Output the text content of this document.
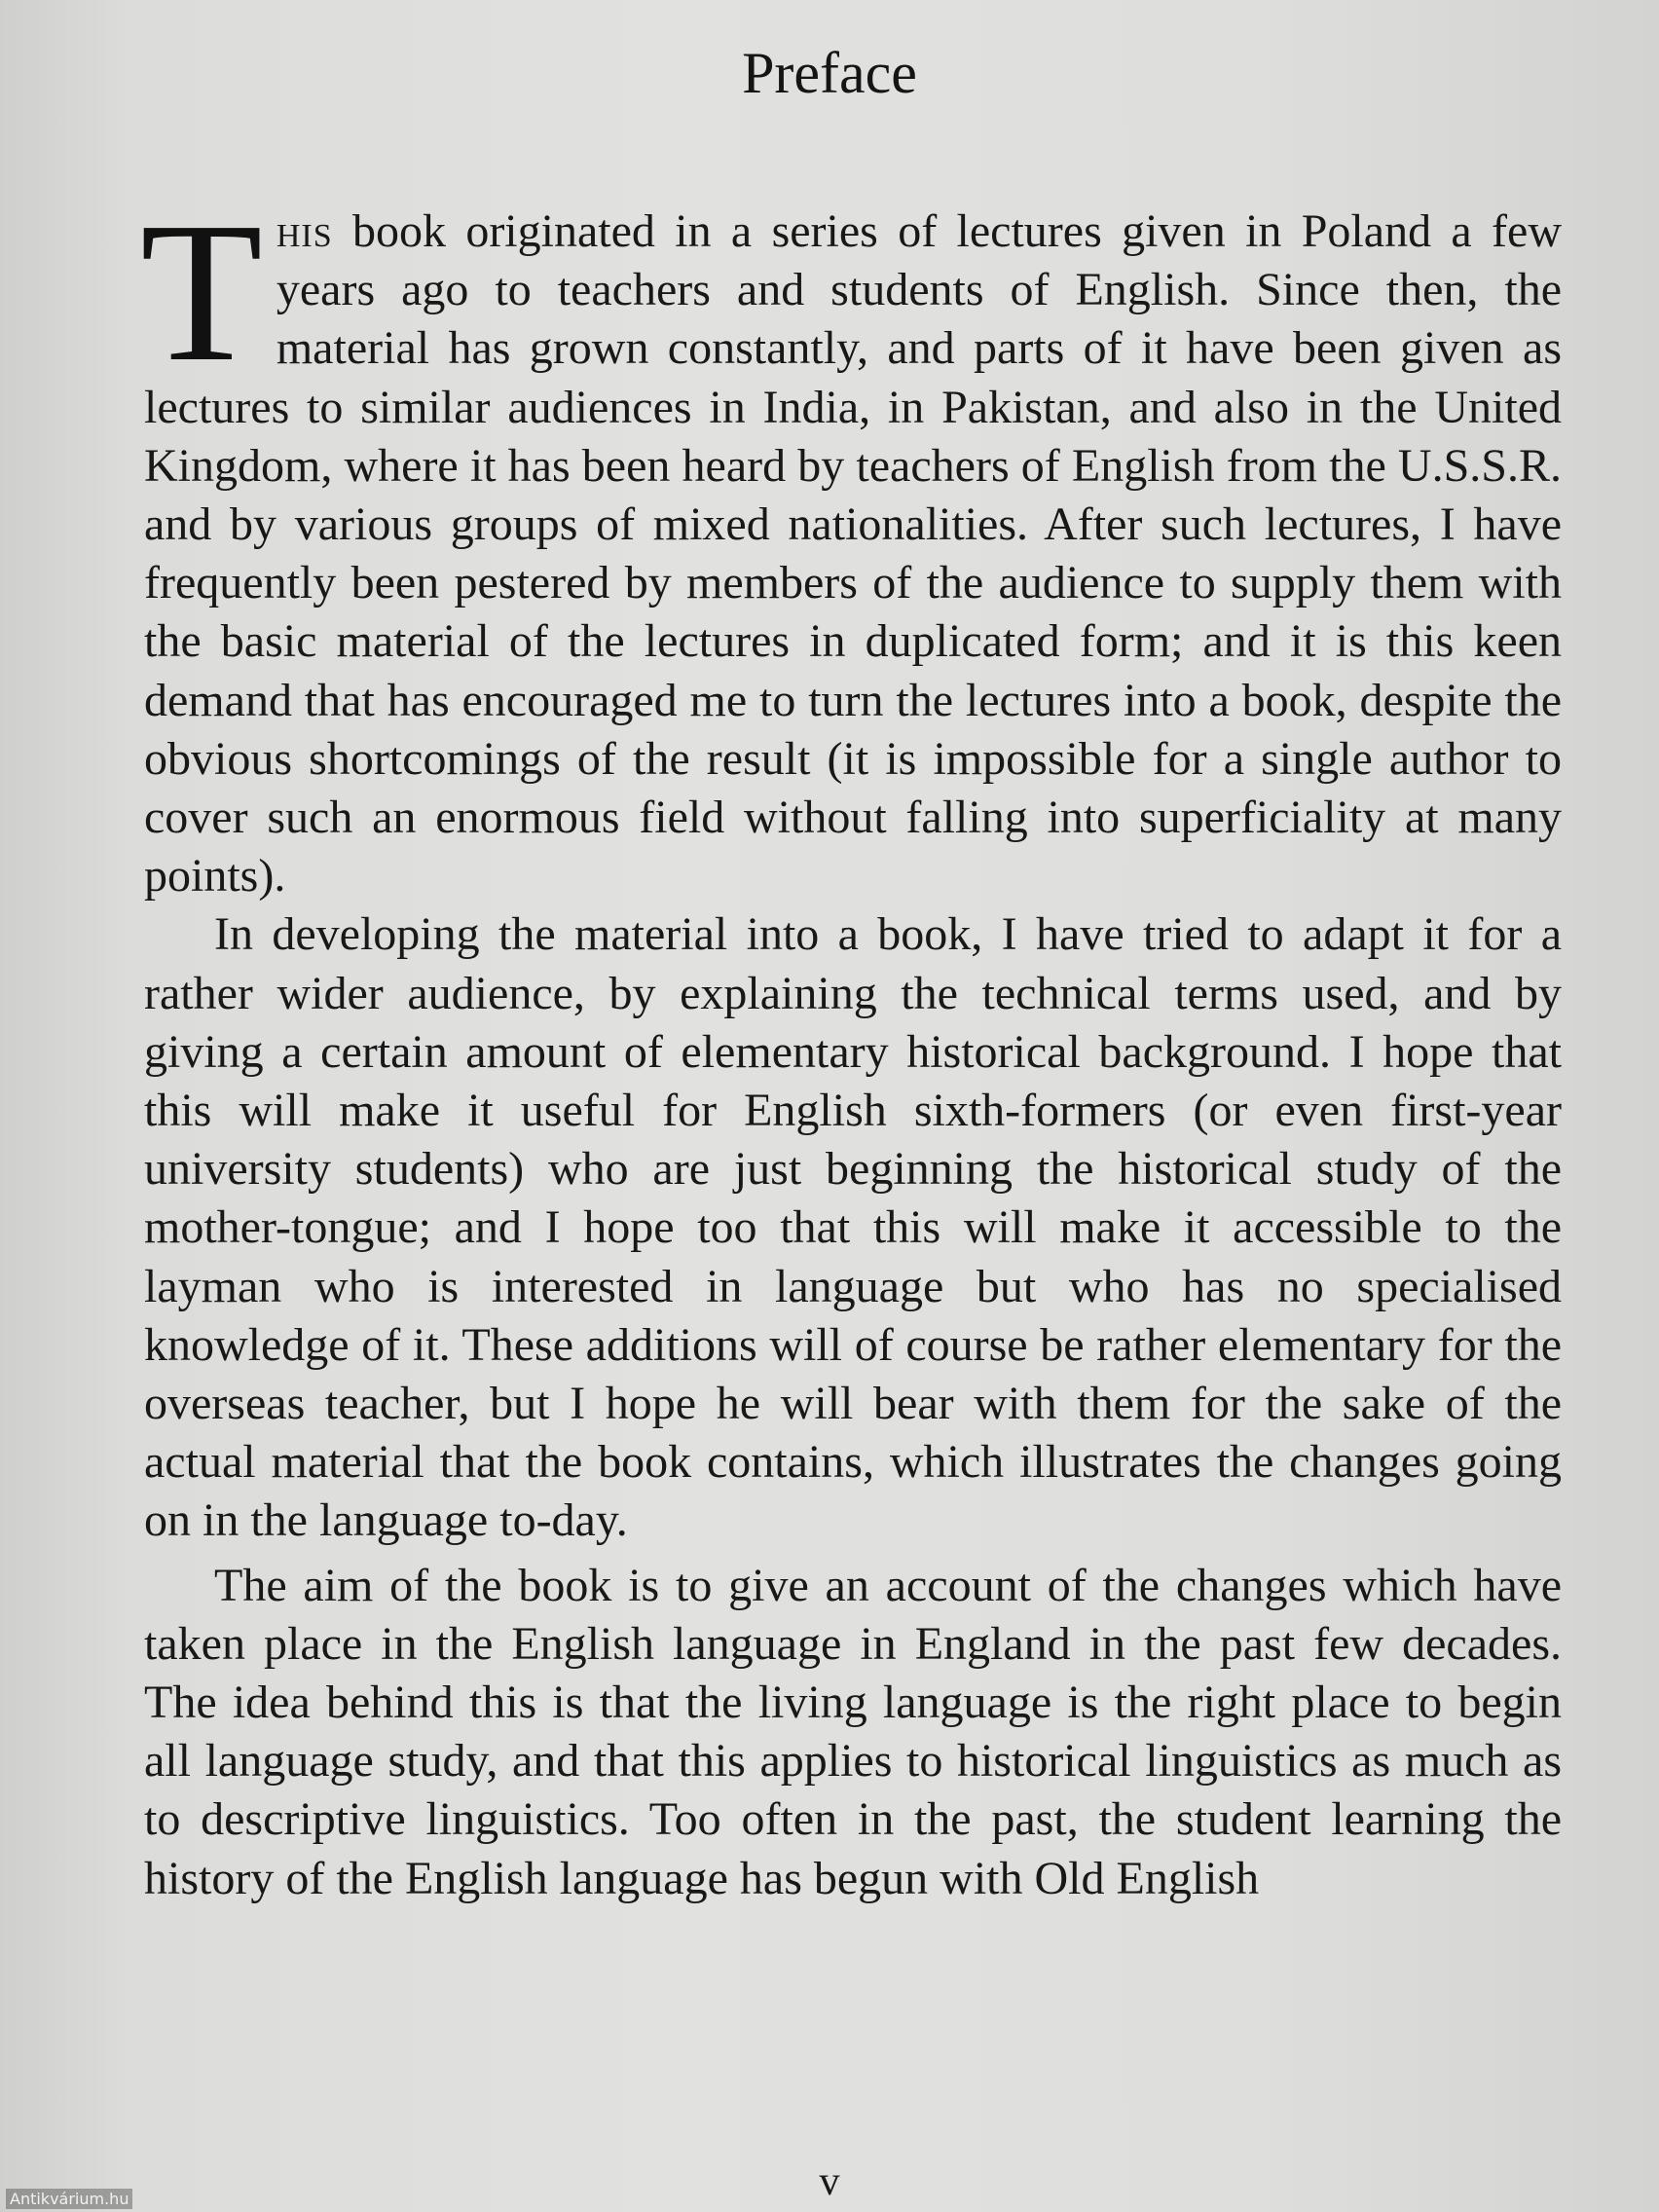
Preface

This book originated in a series of lectures given in Poland a few years ago to teachers and students of English. Since then, the material has grown constantly, and parts of it have been given as lectures to similar audiences in India, in Pakistan, and also in the United Kingdom, where it has been heard by teachers of English from the U.S.S.R. and by various groups of mixed nationalities. After such lectures, I have frequently been pestered by members of the audience to supply them with the basic material of the lectures in duplicated form; and it is this keen demand that has encouraged me to turn the lectures into a book, despite the obvious shortcomings of the result (it is impossible for a single author to cover such an enormous field without falling into superficiality at many points).

In developing the material into a book, I have tried to adapt it for a rather wider audience, by explaining the technical terms used, and by giving a certain amount of elementary historical background. I hope that this will make it useful for English sixth-formers (or even first-year university students) who are just beginning the historical study of the mother-tongue; and I hope too that this will make it accessible to the layman who is interested in language but who has no specialised knowledge of it. These additions will of course be rather elementary for the overseas teacher, but I hope he will bear with them for the sake of the actual material that the book contains, which illustrates the changes going on in the language to-day.

The aim of the book is to give an account of the changes which have taken place in the English language in England in the past few decades. The idea behind this is that the living language is the right place to begin all language study, and that this applies to historical linguistics as much as to descriptive linguistics. Too often in the past, the student learning the history of the English language has begun with Old English

v
Antikvárium.hu
